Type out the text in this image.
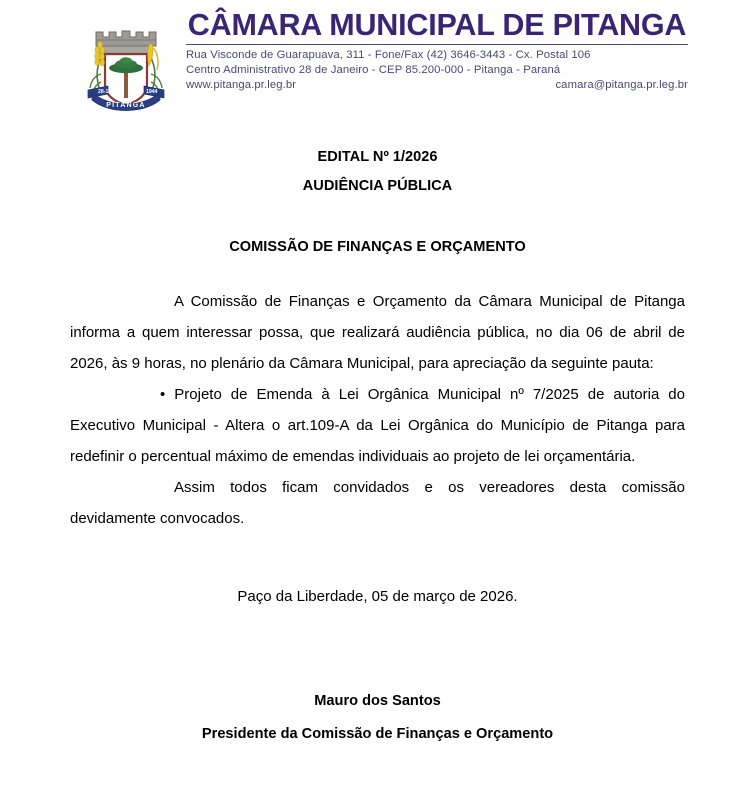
28-1	1944
PITANGA
CÂMARA MUNICIPAL DE PITANGA
Rua Visconde de Guarapuava, 311 - Fone/Fax (42) 3646-3443 - Cx. Postal 106
Centro Administrativo 28 de Janeiro - CEP 85.200-000 - Pitanga - Paraná
www.pitanga.pr.leg.br	camara@pitanga.pr.leg.br
EDITAL Nº 1/2026
AUDIÊNCIA PÚBLICA
COMISSÃO DE FINANÇAS E ORÇAMENTO

A Comissão de Finanças e Orçamento da Câmara Municipal de Pitanga informa a quem interessar possa, que realizará audiência pública, no dia 06 de abril de 2026, às 9 horas, no plenário da Câmara Municipal, para apreciação da seguinte pauta:

• Projeto de Emenda à Lei Orgânica Municipal nº 7/2025 de autoria do Executivo Municipal - Altera o art.109-A da Lei Orgânica do Município de Pitanga para redefinir o percentual máximo de emendas individuais ao projeto de lei orçamentária.

Assim todos ficam convidados e os vereadores desta comissão devidamente convocados.

Paço da Liberdade, 05 de março de 2026.
Mauro dos Santos
Presidente da Comissão de Finanças e Orçamento
